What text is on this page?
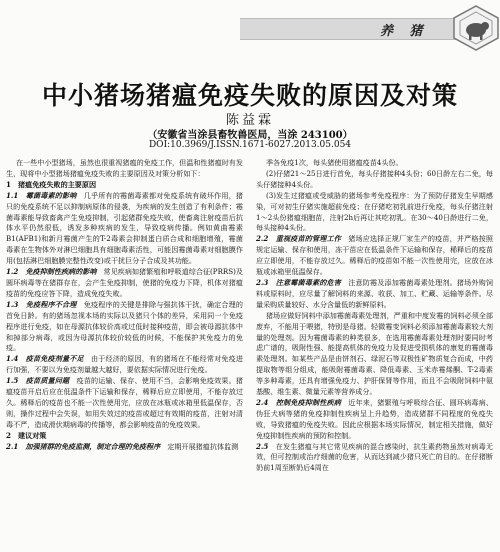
养 猪
中小猪场猪瘟免疫失败的原因及对策
陈益霖
（安徽省当涂县畜牧兽医局，当涂 243100）
DOI:10.3969/J.ISSN.1671-6027.2013.05.054

在一些中小型猪场，虽然也很重视猪瘟的免疫工作，但温和性猪瘟时有发生，现将中小型猪场猪瘟免疫失败的主要原因及对策分析如下：

1　猪瘟免疫失败的主要原因

1.1　霉菌毒素的影响　几乎所有的霉菌毒素都对免疫系统有破坏作用，猪只的免疫系统不足以抑制病原体的侵袭，为疾病的发生创造了有利条件；霉菌毒素能导致畜禽产生免疫抑制，引起猪群免疫失败，使畜禽注射疫苗后抗体水平仍然很低，诱发多种疾病的发生，导致疫病传播。例如黄曲霉素B1(AFB1)和新月霉菌产生的T-2毒素会抑制蛋白质合成和细胞增殖，霉菌毒素在生物体外对淋巴细胞具有细胞毒素活性，可能因霉菌毒素对细胞膜作用(包括淋巴细胞膜完整性改变)或干扰巨分子合成及其功能。

1.2　免疫抑制性疾病的影响　常见疾病如猪繁殖和呼吸道综合征(PRRS)及圆环病毒等在猪群存在，会产生免疫抑制，使猪的免疫力下降，机体对猪瘟疫苗的免疫应答下降，造成免疫失败。

1.3　免疫程序不合理　免疫程序的关键是排除与强抗体干扰，确定合理的首免日龄。有的猪场忽视本场的实际以及猪只个体的差异，采用同一个免疫程序进行免疫，如在母源抗体较价高或过低时接种疫苗，即会被母源抗体中和掉部分病毒，或因为母源抗体较价较低的时候，不能保护其免疫力的免疫。

1.4　疫苗免疫剂量不足　由于经济的原因，有的猪场在不能经常对免疫进行加强，不要以为免疫剂量越大越好，要依据实际情况进行免疫。

1.5　疫苗质量问题　疫苗的运输、保存、使用不当，会影响免疫效果。猪瘟疫苗开启后应在低温条件下运输和保存，稀释后应立即使用，不能存放过久。稀释后的疫苗也不能一次性使用完，应放在冰瓶或冰箱里低温保存，否则，操作过程中会失误，如用失效过的疫苗或超过有效期的疫苗，注射对清毒不严，造成滑伏期病毒的传播等，都会影响疫苗的免疫效果。

2　建议对策

2.1　加强猪群的免疫监测，制定合理的免疫程序　定期开展猪瘟抗体监测

季各免疫1次，每头猪使用猪瘟疫苗4头份。

(2)仔猪21～25日进行首免，每头仔猪接种4头份；60日龄左右二免，每头仔猪接种4头份。

(3)发生过猪瘟或受威胁的猪场参考免疫程序：为了预防仔猪发生早期感染，可对初生仔猪实施超前免疫；在仔猪吃初乳前进行免疫，每头仔猪注射1～2头份猪瘟细胞苗，注射2h后再让其吃初乳。在30～40日龄进行二免，每头接种4头份。

2.2　重视疫苗的管理工作　猪场应选择正规厂家生产的疫苗，并严格按照规定运输、保存和使用，冻干苗应在低温条件下运输和保存，稀释后的疫苗应立即使用，不能存放过久。稀释后的疫苗如不能一次性使用完，应放在冰瓶或冰箱里低温保存。

2.3　注意霉菌毒素的危害　注意防霉及添加霉菌毒素处理剂。猪场外购饲料或原料时，应尽量了解饲料的来源、收获、加工、贮藏、运输等条件。尽量采购质量较好、水分含量低的新鲜原料。

猪场应做好饲料中添加霉菌毒素处理剂，严重和中度发霉的饲料必须全部废弃，不能用于喂猪，特别是母猪。轻微霉变饲料必须添加霉菌毒素较大剂量的处理剂。因为霉菌毒素的种类很多，在选用霉菌毒素处理剂时要同时考虑广谱的，吸附性强、能提高机体的免疫力及促进受损机体的康复的霉菌毒素处理剂。如某些产品是由饼剂石、绿泥石等双极性矿物质复合而成，中药提取物等组分组成，能吸附霉菌毒素、降低毒素、玉米赤霉烯酮、T-2毒素等多种毒素，还具有增强免疫力、护肝保肾等作用，而且不会吸附饲料中氨基酸、维生素、微量元素等营养成分。

2.4　控制免疫抑制性疾病　近年来，猪繁殖与呼吸综合征、圆环病毒病、伪狂犬病等猪的免疫抑制性疾病呈上升趋势，造成猪群不同程度的免疫失败，导致猪瘟的免疫失败。因此应根据本场实际情况，制定相关措施，做好免疫抑制性疾病的预防和控制。

2.5　在发生猪瘟与其它常见疾病的混合感染时，抗生素药物虽然对病毒无效，但可控制或治疗细菌的危害，从而达到减少猪只死亡的目的。在仔猪断奶前1周至断奶后4周在
